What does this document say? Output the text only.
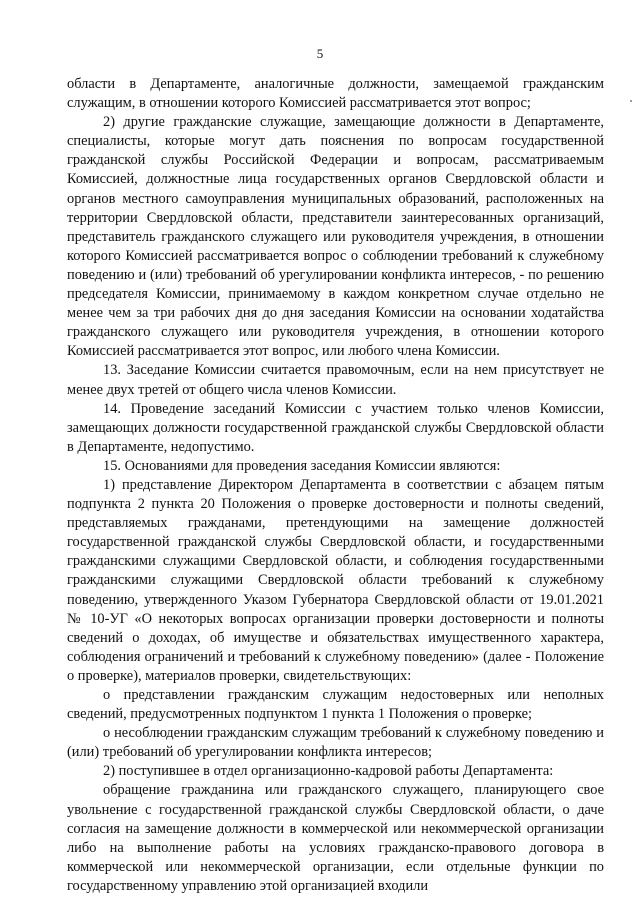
5

области в Департаменте, аналогичные должности, замещаемой гражданским служащим, в отношении которого Комиссией рассматривается этот вопрос;

2) другие гражданские служащие, замещающие должности в Департаменте, специалисты, которые могут дать пояснения по вопросам государственной гражданской службы Российской Федерации и вопросам, рассматриваемым Комиссией, должностные лица государственных органов Свердловской области и органов местного самоуправления муниципальных образований, расположенных на территории Свердловской области, представители заинтересованных организаций, представитель гражданского служащего или руководителя учреждения, в отношении которого Комиссией рассматривается вопрос о соблюдении требований к служебному поведению и (или) требований об урегулировании конфликта интересов, - по решению председателя Комиссии, принимаемому в каждом конкретном случае отдельно не менее чем за три рабочих дня до дня заседания Комиссии на основании ходатайства гражданского служащего или руководителя учреждения, в отношении которого Комиссией рассматривается этот вопрос, или любого члена Комиссии.

13. Заседание Комиссии считается правомочным, если на нем присутствует не менее двух третей от общего числа членов Комиссии.

14. Проведение заседаний Комиссии с участием только членов Комиссии, замещающих должности государственной гражданской службы Свердловской области в Департаменте, недопустимо.

15. Основаниями для проведения заседания Комиссии являются:

1) представление Директором Департамента в соответствии с абзацем пятым подпункта 2 пункта 20 Положения о проверке достоверности и полноты сведений, представляемых гражданами, претендующими на замещение должностей государственной гражданской службы Свердловской области, и государственными гражданскими служащими Свердловской области, и соблюдения государственными гражданскими служащими Свердловской области требований к служебному поведению, утвержденного Указом Губернатора Свердловской области от 19.01.2021 № 10-УГ «О некоторых вопросах организации проверки достоверности и полноты сведений о доходах, об имуществе и обязательствах имущественного характера, соблюдения ограничений и требований к служебному поведению» (далее - Положение о проверке), материалов проверки, свидетельствующих:

о представлении гражданским служащим недостоверных или неполных сведений, предусмотренных подпунктом 1 пункта 1 Положения о проверке;

о несоблюдении гражданским служащим требований к служебному поведению и (или) требований об урегулировании конфликта интересов;

2) поступившее в отдел организационно-кадровой работы Департамента:

обращение гражданина или гражданского служащего, планирующего свое увольнение с государственной гражданской службы Свердловской области, о даче согласия на замещение должности в коммерческой или некоммерческой организации либо на выполнение работы на условиях гражданско-правового договора в коммерческой или некоммерческой организации, если отдельные функции по государственному управлению этой организацией входили
